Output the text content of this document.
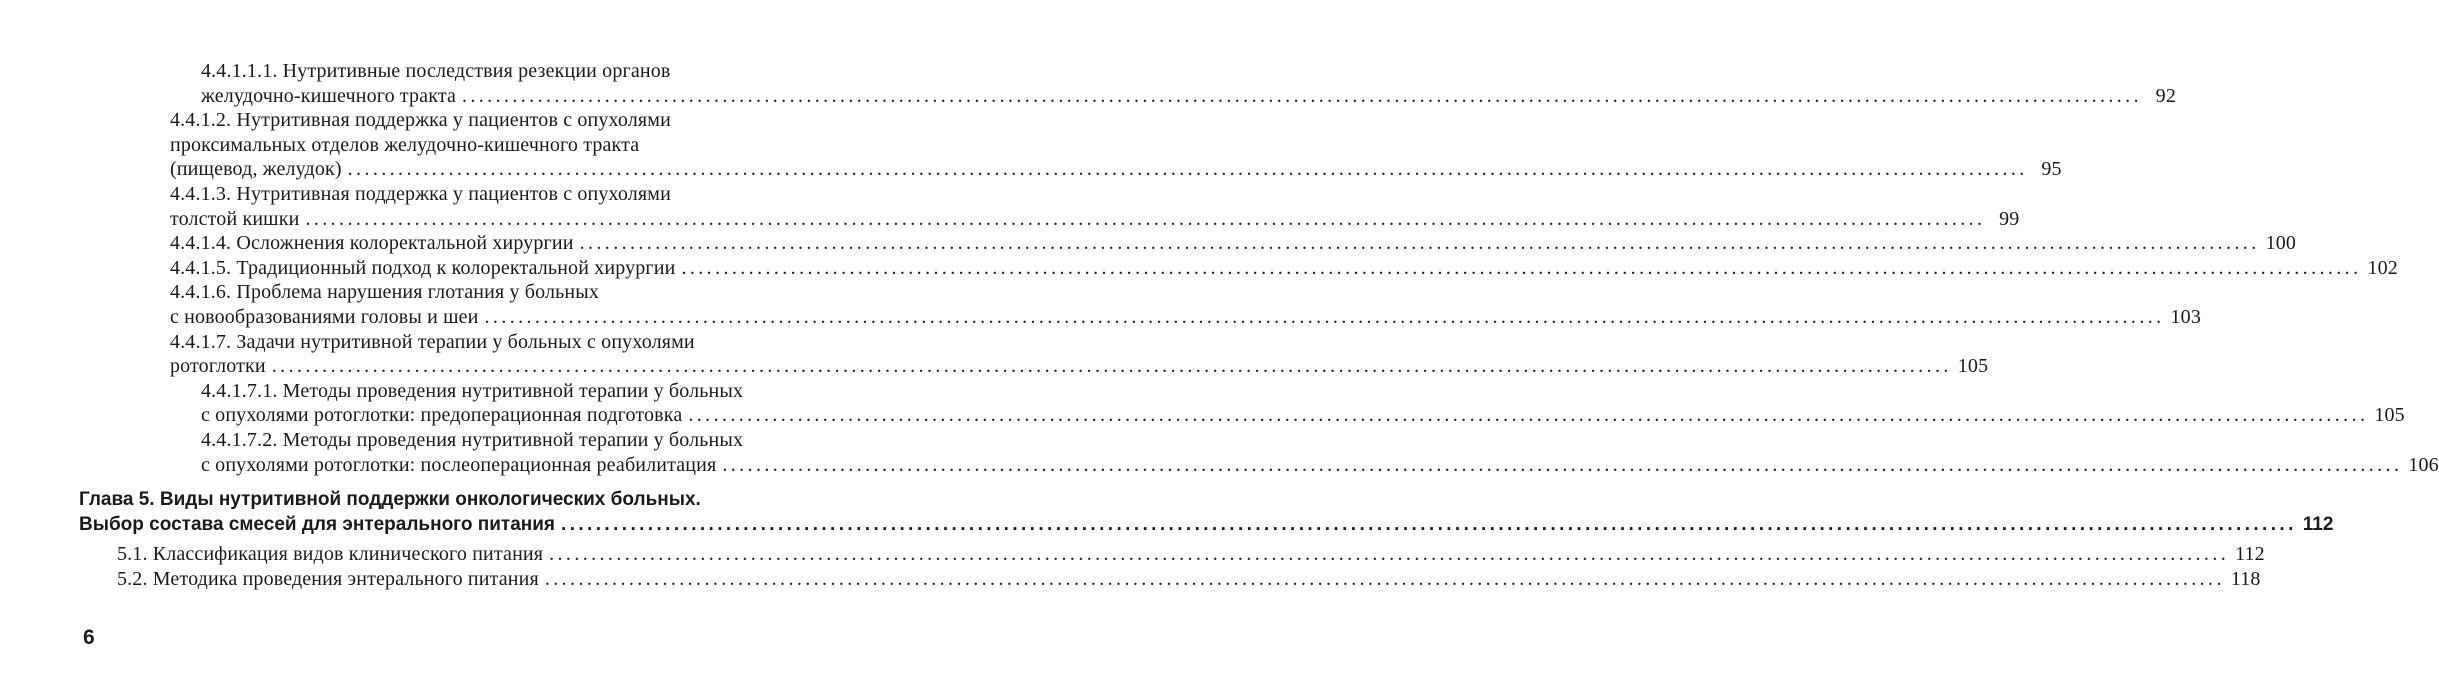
4.4.1.1.1. Нутритивные последствия резекции органов
желудочно-кишечного тракта ........................................................................................................................................................................................................ 92
4.4.1.2. Нутритивная поддержка у пациентов с опухолями
проксимальных отделов желудочно-кишечного тракта
(пищевод, желудок) ........................................................................................................................................................................................................ 95
4.4.1.3. Нутритивная поддержка у пациентов с опухолями
толстой кишки ........................................................................................................................................................................................................ 99
4.4.1.4. Осложнения колоректальной хирургии ........................................................................................................................................................................................................ 100
4.4.1.5. Традиционный подход к колоректальной хирургии ........................................................................................................................................................................................................ 102
4.4.1.6. Проблема нарушения глотания у больных
с новообразованиями головы и шеи ........................................................................................................................................................................................................ 103
4.4.1.7. Задачи нутритивной терапии у больных с опухолями
ротоглотки ........................................................................................................................................................................................................ 105
4.4.1.7.1. Методы проведения нутритивной терапии у больных
с опухолями ротоглотки: предоперационная подготовка ........................................................................................................................................................................................................ 105
4.4.1.7.2. Методы проведения нутритивной терапии у больных
с опухолями ротоглотки: послеоперационная реабилитация ........................................................................................................................................................................................................ 106
Глава 5. Виды нутритивной поддержки онкологических больных.
Выбор состава смесей для энтерального питания ........................................................................................................................................................................................................ 112
5.1. Классификация видов клинического питания ........................................................................................................................................................................................................ 112
5.2. Методика проведения энтерального питания ........................................................................................................................................................................................................ 118
6
